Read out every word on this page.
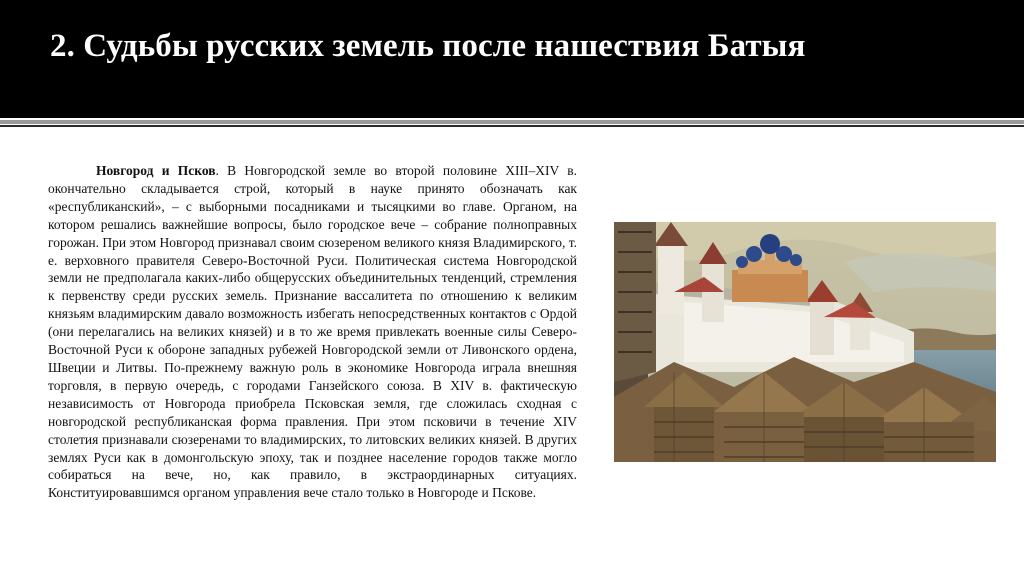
2. Судьбы русских земель после нашествия Батыя

Новгород и Псков. В Новгородской земле во второй половине XIII–XIV в. окончательно складывается строй, который в науке принято обозначать как «республиканский», – с выборными посадниками и тысяцкими во главе. Органом, на котором решались важнейшие вопросы, было городское вече – собрание полноправных горожан. При этом Новгород признавал своим сюзереном великого князя Владимирского, т. е. верховного правителя Северо-Восточной Руси. Политическая система Новгородской земли не предполагала каких-либо общерусских объединительных тенденций, стремления к первенству среди русских земель. Признание вассалитета по отношению к великим князьям владимирским давало возможность избегать непосредственных контактов с Ордой (они перелагались на великих князей) и в то же время привлекать военные силы Северо-Восточной Руси к обороне западных рубежей Новгородской земли от Ливонского ордена, Швеции и Литвы. По-прежнему важную роль в экономике Новгорода играла внешняя торговля, в первую очередь, с городами Ганзейского союза. В XIV в. фактическую независимость от Новгорода приобрела Псковская земля, где сложилась сходная с новгородской республиканская форма правления. При этом псковичи в течение XIV столетия признавали сюзеренами то владимирских, то литовских великих князей. В других землях Руси как в домонгольскую эпоху, так и позднее население городов также могло собираться на вече, но, как правило, в экстраординарных ситуациях. Конституировавшимся органом управления вече стало только в Новгороде и Пскове.
